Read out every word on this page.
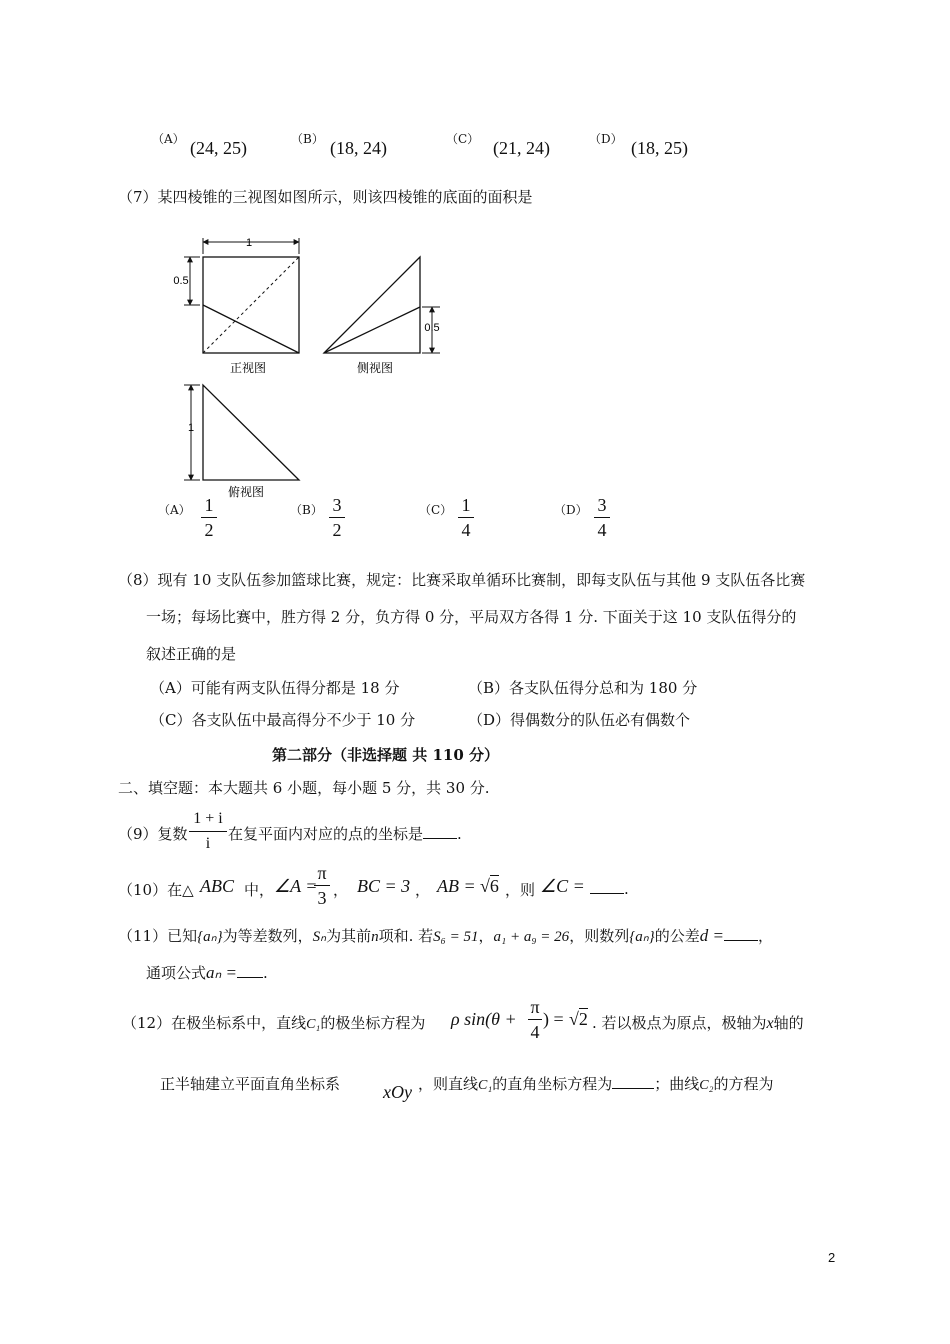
（A） (24, 25)	（B） (18, 24)	（C） (21, 24)	（D） (18, 25)
（7）某四棱锥的三视图如图所示，则该四棱锥的底面的面积是
1
0.5
正视图
0.5
侧视图
1
俯视图
（A） 1
2
（B） 3
2
（C） 1
4
（D） 3
4
（8）现有 10 支队伍参加篮球比赛，规定：比赛采取单循环比赛制，即每支队伍与其他 9 支队伍各比赛
一场；每场比赛中，胜方得 2 分，负方得 0 分，平局双方各得 1 分. 下面关于这 10 支队伍得分的
叙述正确的是
（A）可能有两支队伍得分都是 18 分	（B）各支队伍得分总和为 180 分
（C）各支队伍中最高得分不少于 10 分	（D）得偶数分的队伍必有偶数个
第二部分（非选择题 共 110 分）
二、填空题：本大题共 6 小题，每小题 5 分，共 30 分.
（9）复数
1 + i
i
在复平面内对应的点的坐标是 .
（10）在△ ABC 中， ∠A =
π
3 ， BC = 3 ， AB = √6 ，则 ∠C =	.
（11）已知{aₙ}为等差数列，Sₙ为其前n项和. 若S₆ = 51，a₁ + a₉ = 26，则数列{aₙ}的公差d = ，
通项公式aₙ = .
（12）在极坐标系中，直线C₁的极坐标方程为 ρ sin(θ +
π
4
) = √2 . 若以极点为原点，极轴为x轴的
正半轴建立平面直角坐标系 xOy ，则直线C₁的直角坐标方程为	；曲线C₂的方程为
2
